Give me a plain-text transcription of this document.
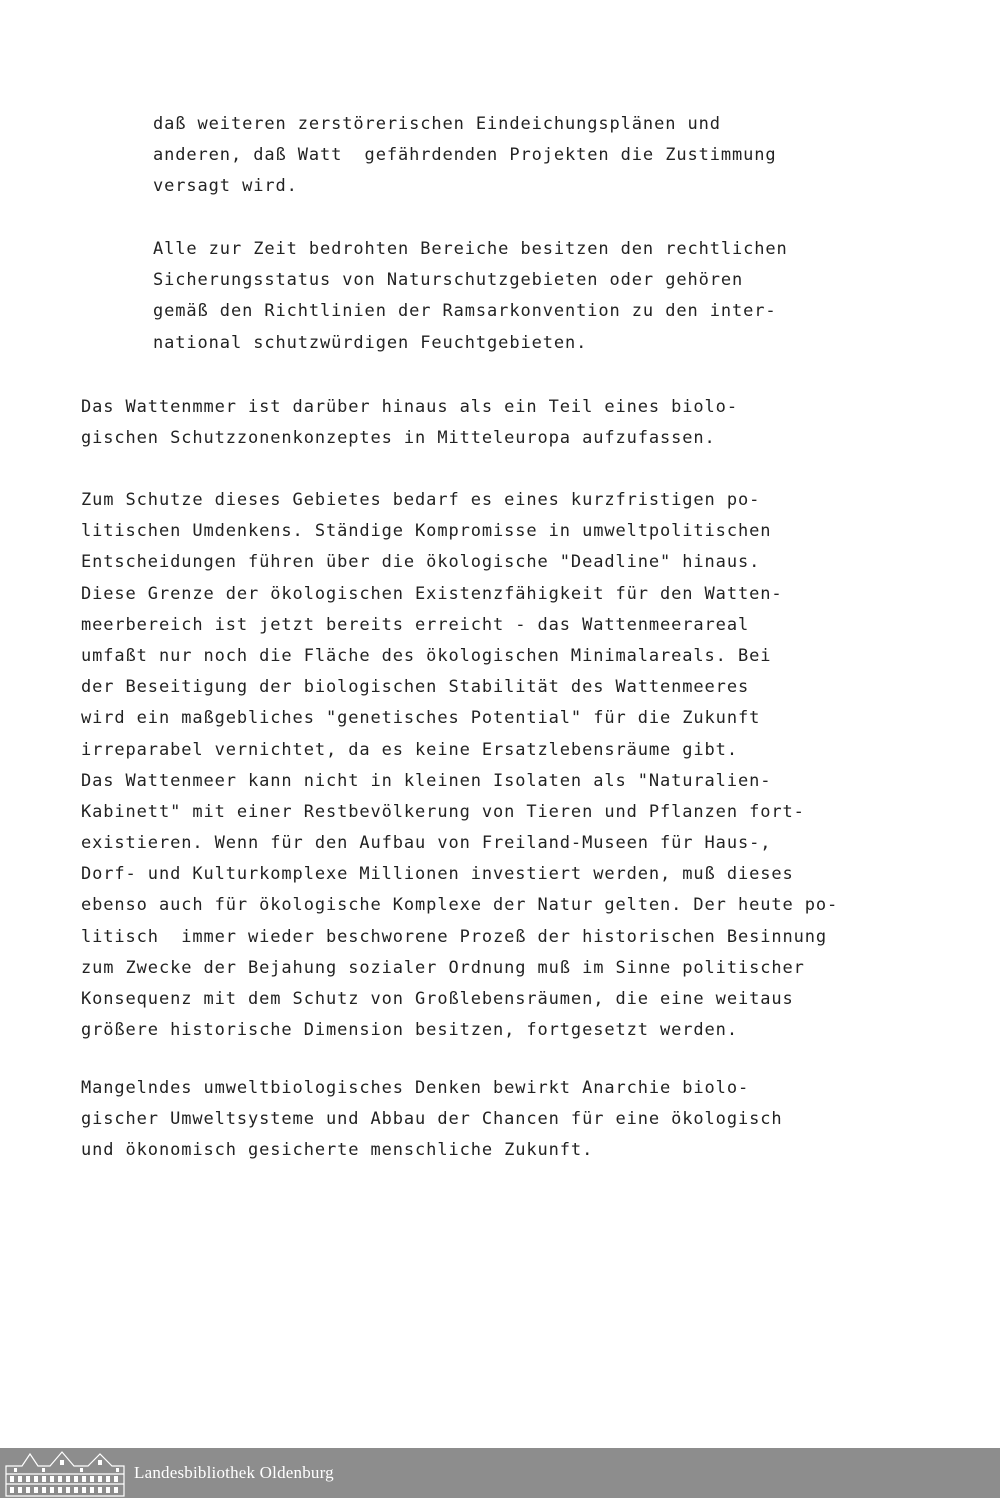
daß weiteren zerstörerischen Eindeichungsplänen und
anderen, daß Watt  gefährdenden Projekten die Zustimmung
versagt wird.
Alle zur Zeit bedrohten Bereiche besitzen den rechtlichen
Sicherungsstatus von Naturschutzgebieten oder gehören
gemäß den Richtlinien der Ramsarkonvention zu den inter-
national schutzwürdigen Feuchtgebieten.
Das Wattenmmer ist darüber hinaus als ein Teil eines biolo-
gischen Schutzzonenkonzeptes in Mitteleuropa aufzufassen.
Zum Schutze dieses Gebietes bedarf es eines kurzfristigen po-
litischen Umdenkens. Ständige Kompromisse in umweltpolitischen
Entscheidungen führen über die ökologische "Deadline" hinaus.
Diese Grenze der ökologischen Existenzfähigkeit für den Watten-
meerbereich ist jetzt bereits erreicht - das Wattenmeerareal
umfaßt nur noch die Fläche des ökologischen Minimalareals. Bei
der Beseitigung der biologischen Stabilität des Wattenmeeres
wird ein maßgebliches "genetisches Potential" für die Zukunft
irreparabel vernichtet, da es keine Ersatzlebensräume gibt.
Das Wattenmeer kann nicht in kleinen Isolaten als "Naturalien-
Kabinett" mit einer Restbevölkerung von Tieren und Pflanzen fort-
existieren. Wenn für den Aufbau von Freiland-Museen für Haus-,
Dorf- und Kulturkomplexe Millionen investiert werden, muß dieses
ebenso auch für ökologische Komplexe der Natur gelten. Der heute po-
litisch  immer wieder beschworene Prozeß der historischen Besinnung
zum Zwecke der Bejahung sozialer Ordnung muß im Sinne politischer
Konsequenz mit dem Schutz von Großlebensräumen, die eine weitaus
größere historische Dimension besitzen, fortgesetzt werden.
Mangelndes umweltbiologisches Denken bewirkt Anarchie biolo-
gischer Umweltsysteme und Abbau der Chancen für eine ökologisch
und ökonomisch gesicherte menschliche Zukunft.
Landesbibliothek Oldenburg
